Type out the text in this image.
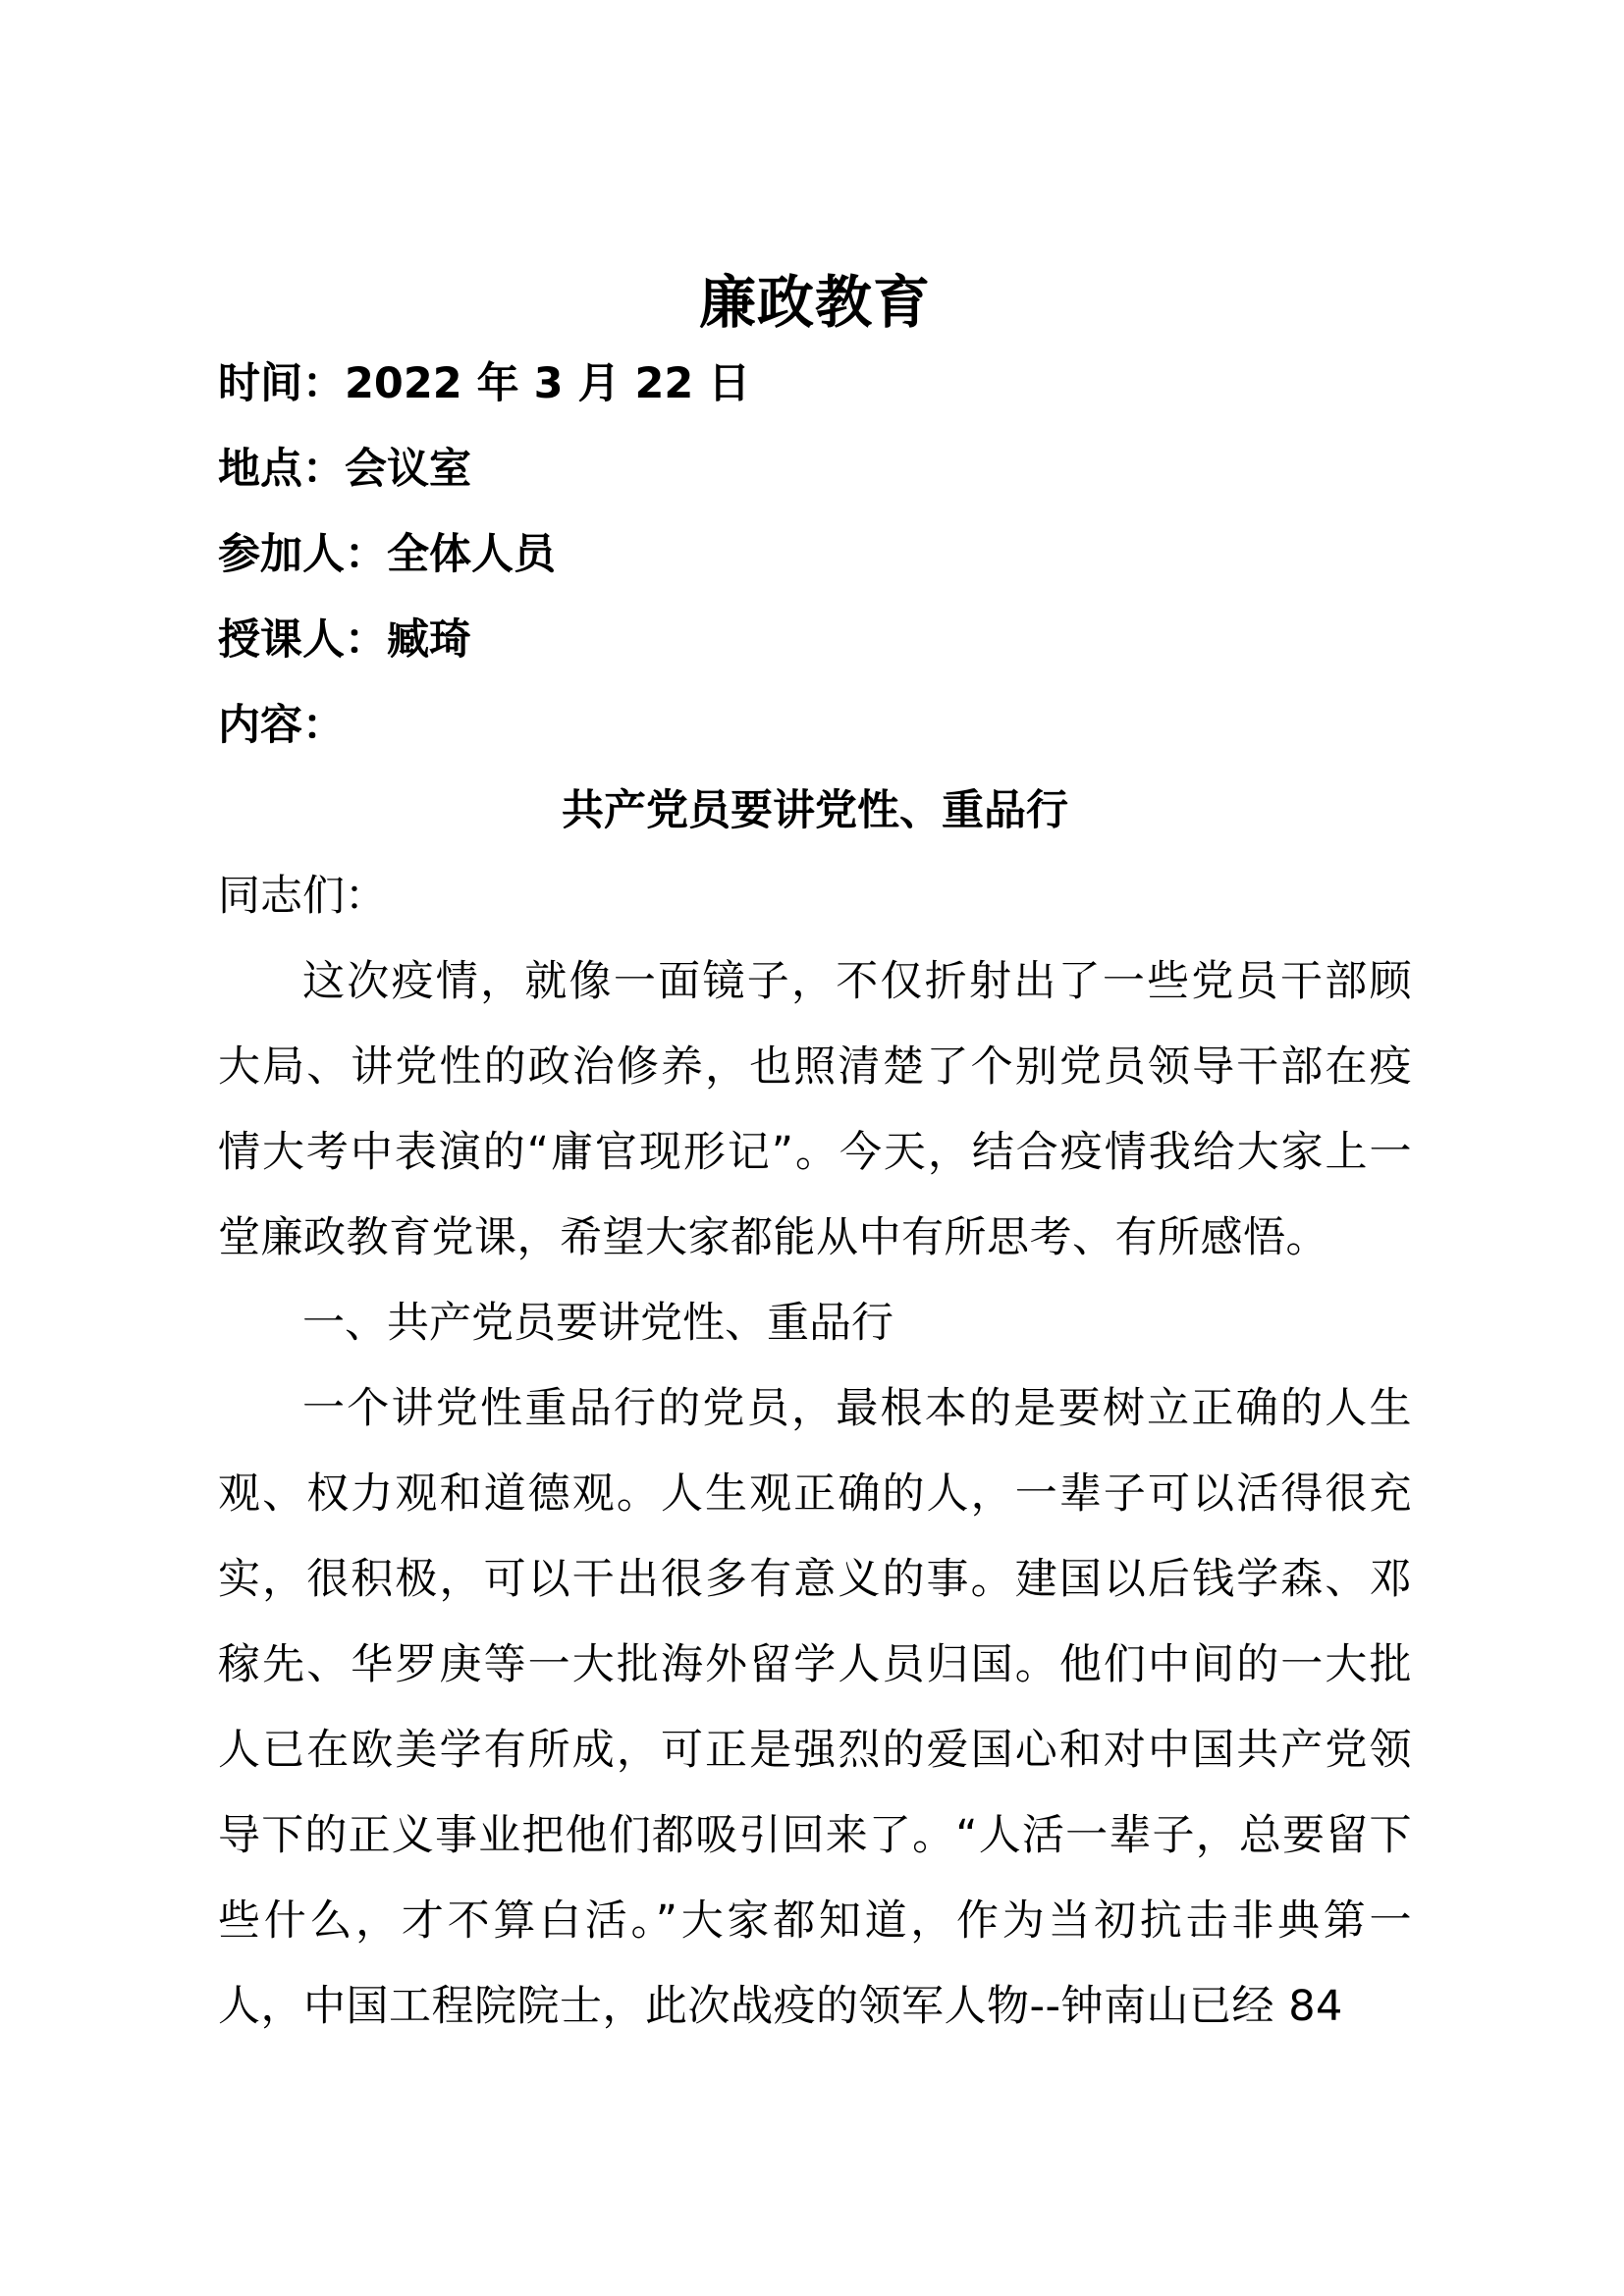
廉政教育

时间：2022 年 3 月 22 日

地点：会议室

参加人：全体人员

授课人：臧琦

内容：

共产党员要讲党性、重品行

同志们：

这次疫情，就像一面镜子，不仅折射出了一些党员干部顾大局、讲党性的政治修养，也照清楚了个别党员领导干部在疫情大考中表演的“庸官现形记”。今天，结合疫情我给大家上一堂廉政教育党课，希望大家都能从中有所思考、有所感悟。

一、共产党员要讲党性、重品行

一个讲党性重品行的党员，最根本的是要树立正确的人生观、权力观和道德观。人生观正确的人，一辈子可以活得很充实，很积极，可以干出很多有意义的事。建国以后钱学森、邓稼先、华罗庚等一大批海外留学人员归国。他们中间的一大批人已在欧美学有所成，可正是强烈的爱国心和对中国共产党领导下的正义事业把他们都吸引回来了。“人活一辈子，总要留下些什么，才不算白活。”大家都知道，作为当初抗击非典第一人，中国工程院院士，此次战疫的领军人物--钟南山已经 84
